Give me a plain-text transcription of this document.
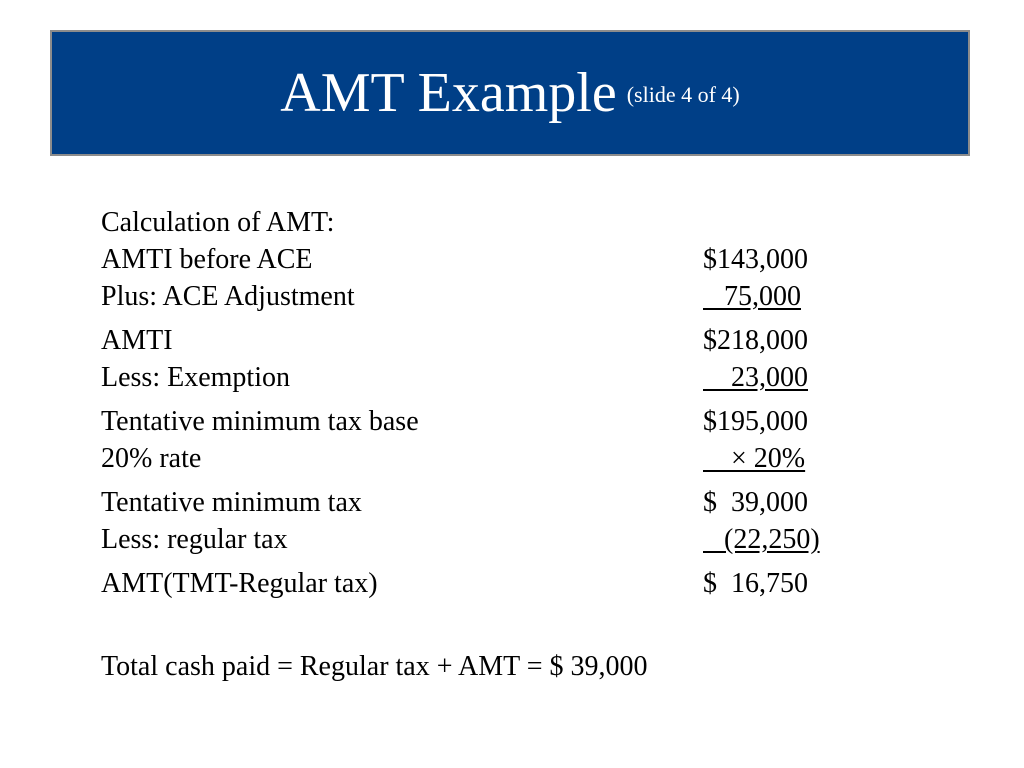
AMT Example (slide 4 of 4)
Calculation of AMT:
AMTI before ACE	$143,000
Plus: ACE Adjustment	75,000
AMTI	$218,000
Less: Exemption	23,000
Tentative minimum tax base	$195,000
20% rate	× 20%
Tentative minimum tax	$  39,000
Less: regular tax	(22,250)
AMT(TMT-Regular tax)	$  16,750
Total cash paid = Regular tax + AMT = $ 39,000
